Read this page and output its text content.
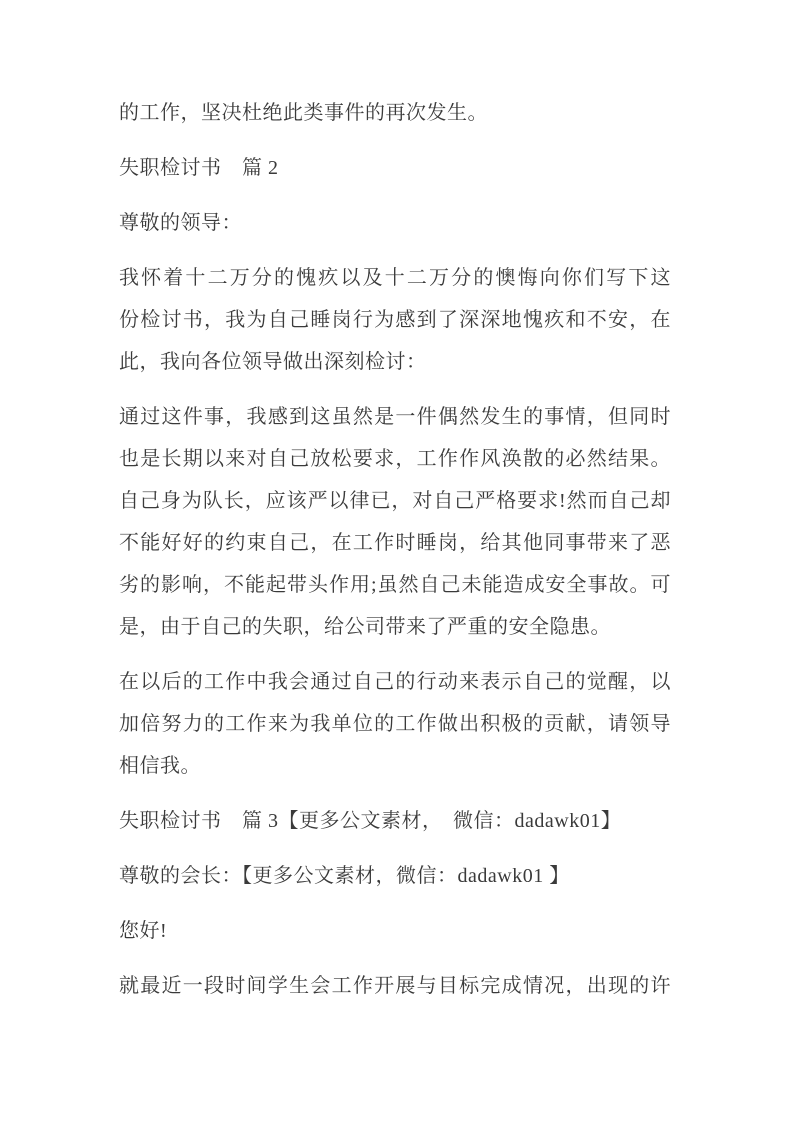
的工作，坚决杜绝此类事件的再次发生。
失职检讨书　篇 2
尊敬的领导：
我怀着十二万分的愧疚以及十二万分的懊悔向你们写下这
份检讨书，我为自己睡岗行为感到了深深地愧疚和不安，在
此，我向各位领导做出深刻检讨：
通过这件事，我感到这虽然是一件偶然发生的事情，但同时
也是长期以来对自己放松要求，工作作风涣散的必然结果。
自己身为队长，应该严以律已，对自己严格要求!然而自己却
不能好好的约束自己，在工作时睡岗，给其他同事带来了恶
劣的影响，不能起带头作用;虽然自己未能造成安全事故。可
是，由于自己的失职，给公司带来了严重的安全隐患。
在以后的工作中我会通过自己的行动来表示自己的觉醒，以
加倍努力的工作来为我单位的工作做出积极的贡献，请领导
相信我。
失职检讨书　篇 3【更多公文素材，　微信：dadawk01】
尊敬的会长：【更多公文素材，微信：dadawk01 】
您好!
就最近一段时间学生会工作开展与目标完成情况，出现的许
